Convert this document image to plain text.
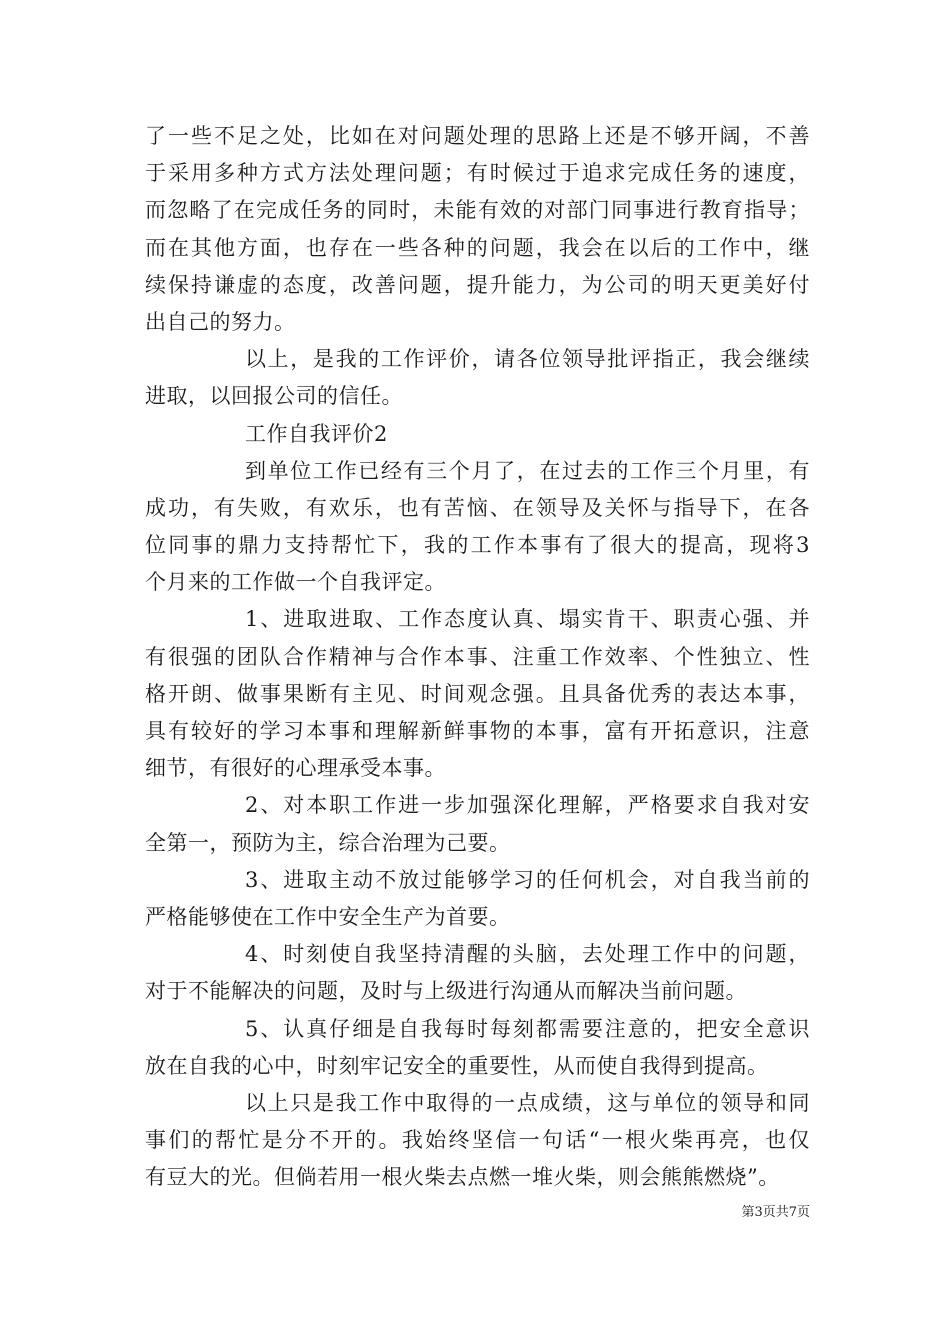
了一些不足之处，比如在对问题处理的思路上还是不够开阔，不善
于采用多种方式方法处理问题；有时候过于追求完成任务的速度，
而忽略了在完成任务的同时，未能有效的对部门同事进行教育指导；
而在其他方面，也存在一些各种的问题，我会在以后的工作中，继
续保持谦虚的态度，改善问题，提升能力，为公司的明天更美好付
出自己的努力。
以上，是我的工作评价，请各位领导批评指正，我会继续
进取，以回报公司的信任。
工作自我评价2
到单位工作已经有三个月了，在过去的工作三个月里，有
成功，有失败，有欢乐，也有苦恼、在领导及关怀与指导下，在各
位同事的鼎力支持帮忙下，我的工作本事有了很大的提高，现将3
个月来的工作做一个自我评定。
1、进取进取、工作态度认真、塌实肯干、职责心强、并
有很强的团队合作精神与合作本事、注重工作效率、个性独立、性
格开朗、做事果断有主见、时间观念强。且具备优秀的表达本事，
具有较好的学习本事和理解新鲜事物的本事，富有开拓意识，注意
细节，有很好的心理承受本事。
2、对本职工作进一步加强深化理解，严格要求自我对安
全第一，预防为主，综合治理为己要。
3、进取主动不放过能够学习的任何机会，对自我当前的
严格能够使在工作中安全生产为首要。
4、时刻使自我坚持清醒的头脑，去处理工作中的问题，
对于不能解决的问题，及时与上级进行沟通从而解决当前问题。
5、认真仔细是自我每时每刻都需要注意的，把安全意识
放在自我的心中，时刻牢记安全的重要性，从而使自我得到提高。
以上只是我工作中取得的一点成绩，这与单位的领导和同
事们的帮忙是分不开的。我始终坚信一句话“一根火柴再亮，也仅
有豆大的光。但倘若用一根火柴去点燃一堆火柴，则会熊熊燃烧”。
第3页共7页
